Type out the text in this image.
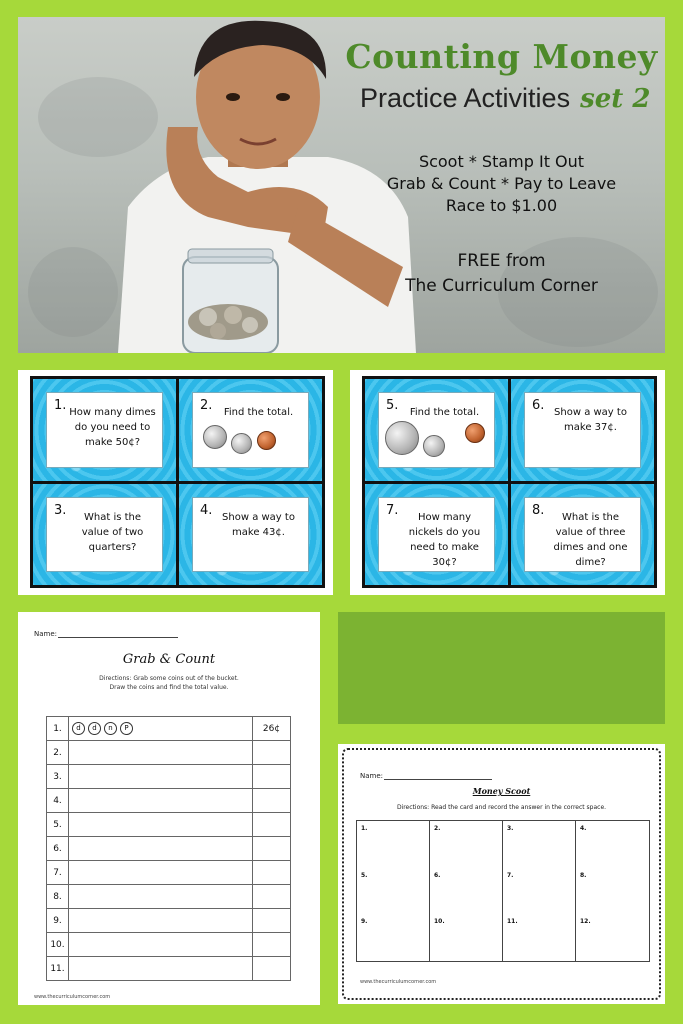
Counting Money
Practice Activities set 2
Scoot * Stamp It Out
Grab & Count * Pay to Leave
Race to $1.00
FREE from
The Curriculum Corner
1. How many dimes do you need to make 50¢?
2.	Find the total.
3.	What is the value of two quarters?
4. Show a way to make 43¢.
5.	Find the total.	6. Show a way to make 37¢.
7.	How many nickels do you need to make 30¢?
8.	What is the value of three dimes and one dime?
Name:
Grab & Count
Directions: Grab some coins out of the bucket.
Draw the coins and find the total value.
1.	d d n P	26¢
2.		
3.		
4.		
5.		
6.		
7.		
8.		
9.		
10.		
11.		
www.thecurriculumcorner.com
Name:
Money Scoot
Directions: Read the card and record the answer in the correct space.
1.	2.	3.	4.
5.	6.	7.	8.
9.	10.	11.	12.
www.thecurriculumcorner.com
